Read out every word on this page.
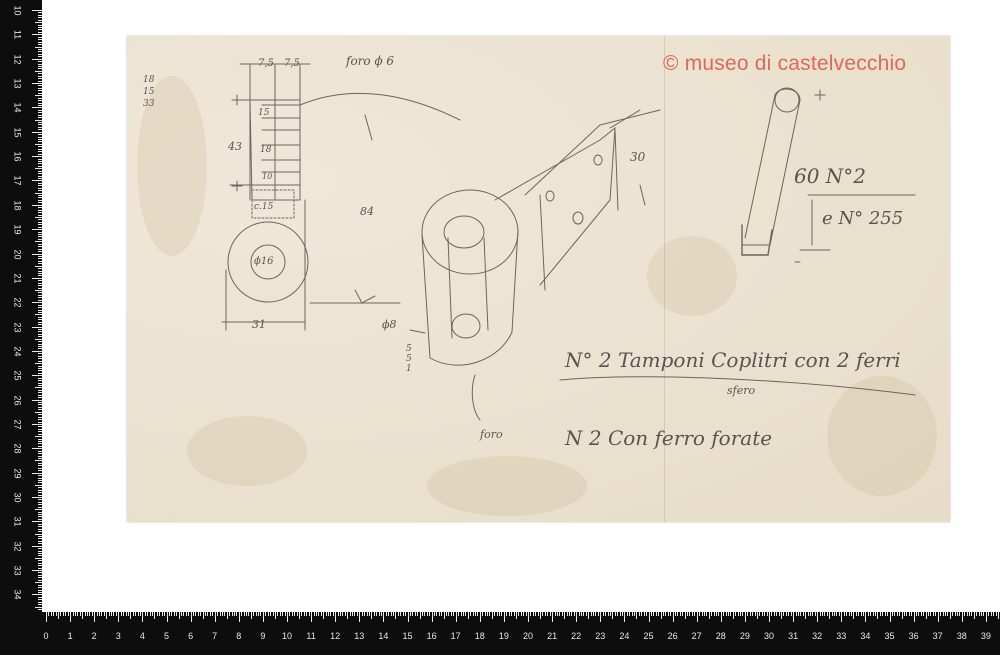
10
11
12
13
14
15
16
17
18
19
20
21
22
23
24
25
26
27
28
29
30
31
32
33
34
0	1	2	3	4	5	6	7	8	9	10	11	12	13	14	15	16	17	18	19	20	21	22	23	24	25	26	27	28	29	30	31	32	33	34	35	36	37	38	39
© museo di castelvecchio
7,5 7,5	foro ϕ 6
18
15
33
43
15
18
10
c.15	84
ϕ16
31	ϕ8
5
5
1
30
foro
60 N°2
e N° 255
N° 2 Tamponi Coplitri con 2 ferri
sfero
N 2 Con ferro forate
